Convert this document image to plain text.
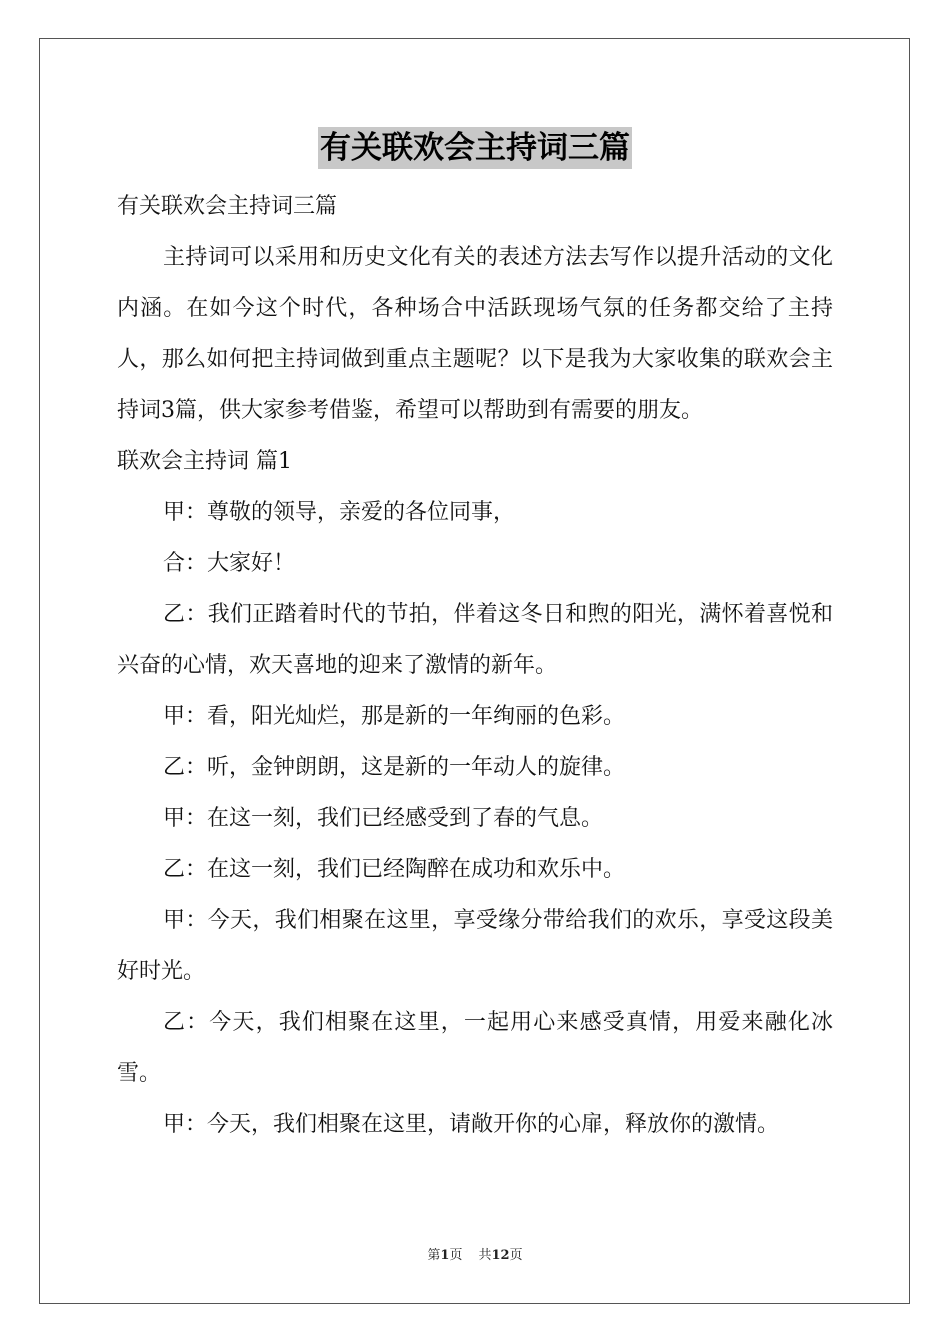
有关联欢会主持词三篇

有关联欢会主持词三篇

主持词可以采用和历史文化有关的表述方法去写作以提升活动的文化内涵。在如今这个时代，各种场合中活跃现场气氛的任务都交给了主持人，那么如何把主持词做到重点主题呢？以下是我为大家收集的联欢会主持词3篇，供大家参考借鉴，希望可以帮助到有需要的朋友。

联欢会主持词 篇1

甲：尊敬的领导，亲爱的各位同事，

合：大家好！

乙：我们正踏着时代的节拍，伴着这冬日和煦的阳光，满怀着喜悦和兴奋的心情，欢天喜地的迎来了激情的新年。

甲：看，阳光灿烂，那是新的一年绚丽的色彩。

乙：听，金钟朗朗，这是新的一年动人的旋律。

甲：在这一刻，我们已经感受到了春的气息。

乙：在这一刻，我们已经陶醉在成功和欢乐中。

甲：今天，我们相聚在这里，享受缘分带给我们的欢乐，享受这段美好时光。

乙：今天，我们相聚在这里，一起用心来感受真情，用爱来融化冰雪。

甲：今天，我们相聚在这里，请敞开你的心扉，释放你的激情。

第1页 共12页
